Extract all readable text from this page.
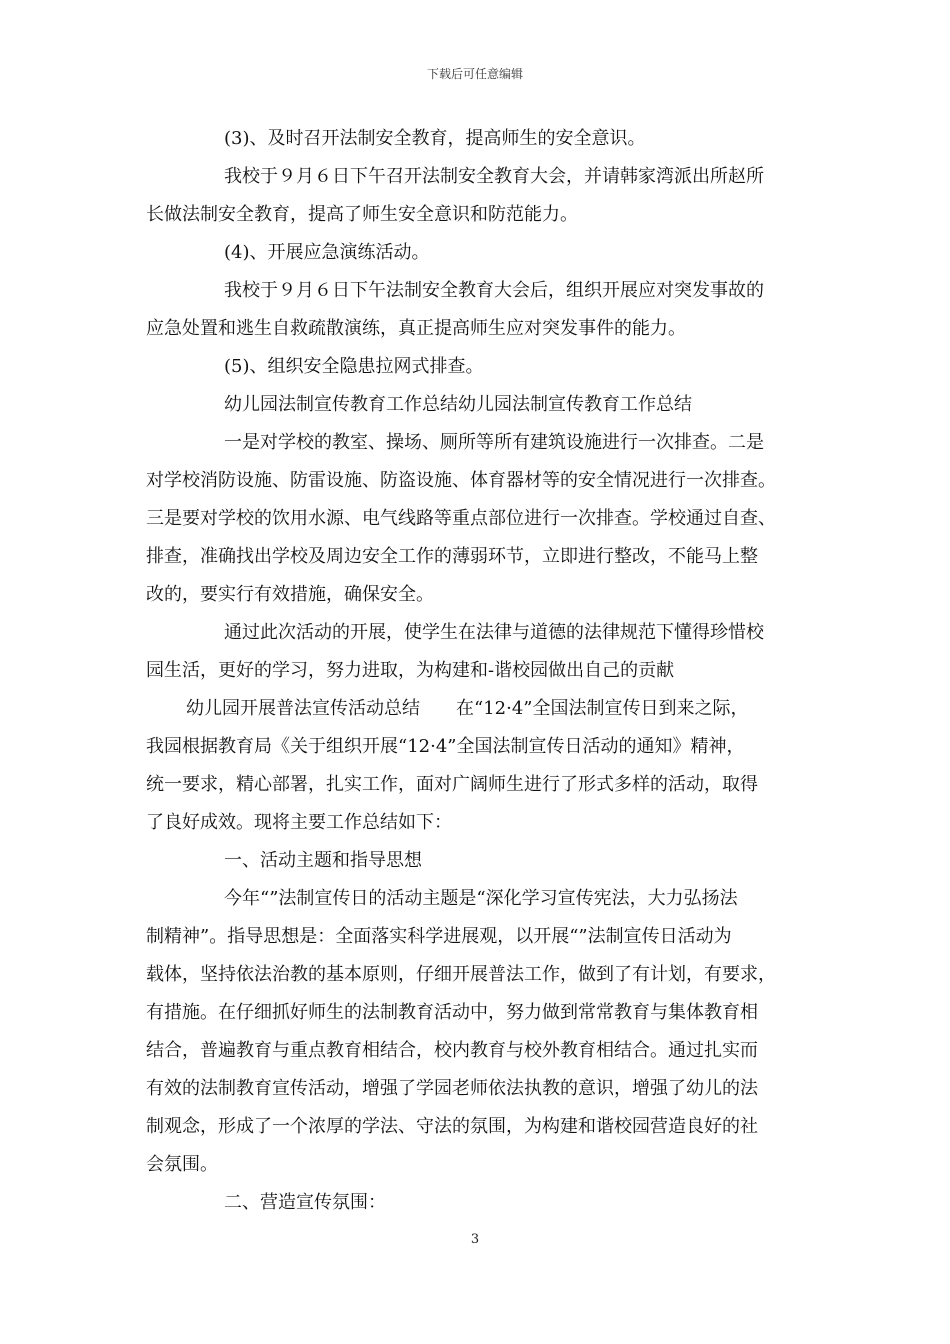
下载后可任意编辑
(3)、及时召开法制安全教育，提高师生的安全意识。
我校于９月６日下午召开法制安全教育大会，并请韩家湾派出所赵所
长做法制安全教育，提高了师生安全意识和防范能力。
(4)、开展应急演练活动。
我校于９月６日下午法制安全教育大会后，组织开展应对突发事故的
应急处置和逃生自救疏散演练，真正提高师生应对突发事件的能力。
(5)、组织安全隐患拉网式排查。
幼儿园法制宣传教育工作总结幼儿园法制宣传教育工作总结
一是对学校的教室、操场、厕所等所有建筑设施进行一次排查。二是
对学校消防设施、防雷设施、防盗设施、体育器材等的安全情况进行一次排查。
三是要对学校的饮用水源、电气线路等重点部位进行一次排查。学校通过自查、
排查，准确找出学校及周边安全工作的薄弱环节，立即进行整改，不能马上整
改的，要实行有效措施，确保安全。
通过此次活动的开展，使学生在法律与道德的法律规范下懂得珍惜校
园生活，更好的学习，努力进取，为构建和-谐校园做出自己的贡献
幼儿园开展普法宣传活动总结　　在“12·4”全国法制宣传日到来之际，
我园根据教育局《关于组织开展“12·4”全国法制宣传日活动的通知》精神，
统一要求，精心部署，扎实工作，面对广阔师生进行了形式多样的活动，取得
了良好成效。现将主要工作总结如下：
一、活动主题和指导思想
今年“”法制宣传日的活动主题是“深化学习宣传宪法，大力弘扬法
制精神”。指导思想是：全面落实科学进展观，以开展“”法制宣传日活动为
载体，坚持依法治教的基本原则，仔细开展普法工作，做到了有计划，有要求，
有措施。在仔细抓好师生的法制教育活动中，努力做到常常教育与集体教育相
结合，普遍教育与重点教育相结合，校内教育与校外教育相结合。通过扎实而
有效的法制教育宣传活动，增强了学园老师依法执教的意识，增强了幼儿的法
制观念，形成了一个浓厚的学法、守法的氛围，为构建和谐校园营造良好的社
会氛围。
二、营造宣传氛围：
3
